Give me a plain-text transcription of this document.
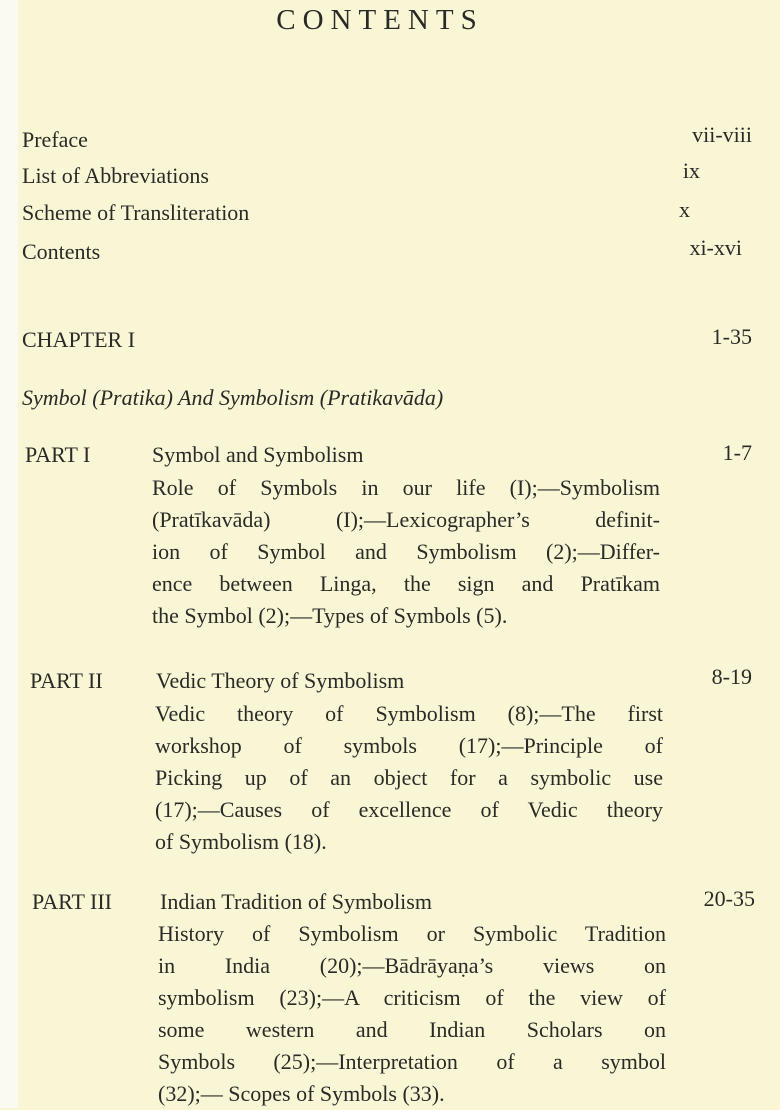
CONTENTS
Preface	vii-viii
List of Abbreviations	ix
Scheme of Transliteration	x
Contents	xi-xvi
CHAPTER I	1-35
Symbol (Pratika) And Symbolism (Pratikavāda)
PART I	Symbol and Symbolism	1-7
Role of Symbols in our life (I);—Symbolism
(Pratīkavāda) (I);—Lexicographer’s definit-
ion of Symbol and Symbolism (2);—Differ-
ence between Linga, the sign and Pratīkam
the Symbol (2);—Types of Symbols (5).
PART II Vedic Theory of Symbolism	8-19
Vedic theory of Symbolism (8);—The first
workshop of symbols (17);—Principle of
Picking up of an object for a symbolic use
(17);—Causes of excellence of Vedic theory
of Symbolism (18).
PART III Indian Tradition of Symbolism	20-35
History of Symbolism or Symbolic Tradition
in India (20);—Bādrāyaṇa’s views on
symbolism (23);—A criticism of the view of
some western and Indian Scholars on
Symbols (25);—Interpretation of a symbol
(32);— Scopes of Symbols (33).
